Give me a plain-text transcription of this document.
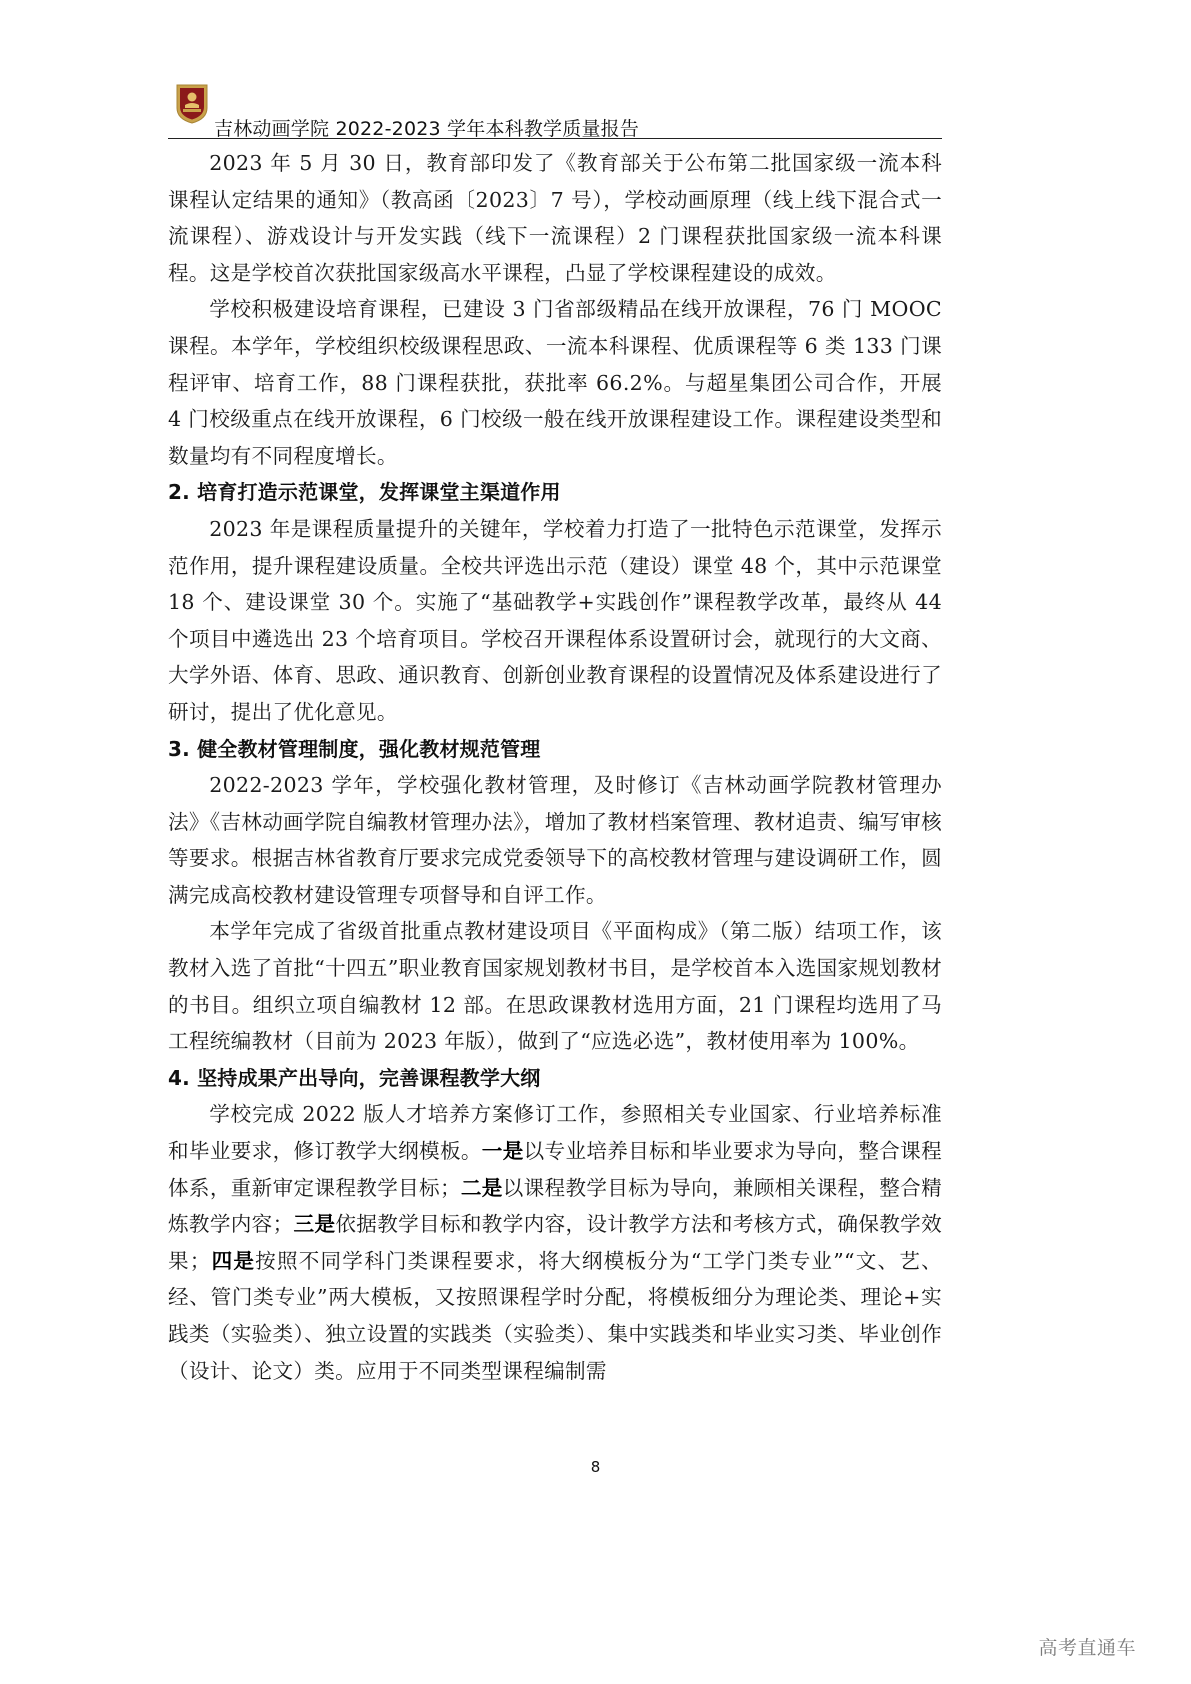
吉林动画学院 2022-2023 学年本科教学质量报告

2023 年 5 月 30 日，教育部印发了《教育部关于公布第二批国家级一流本科课程认定结果的通知》（教高函〔2023〕7 号），学校动画原理（线上线下混合式一流课程）、游戏设计与开发实践（线下一流课程）2 门课程获批国家级一流本科课程。这是学校首次获批国家级高水平课程，凸显了学校课程建设的成效。

学校积极建设培育课程，已建设 3 门省部级精品在线开放课程，76 门 MOOC 课程。本学年，学校组织校级课程思政、一流本科课程、优质课程等 6 类 133 门课程评审、培育工作，88 门课程获批，获批率 66.2%。与超星集团公司合作，开展 4 门校级重点在线开放课程，6 门校级一般在线开放课程建设工作。课程建设类型和数量均有不同程度增长。

2. 培育打造示范课堂，发挥课堂主渠道作用

2023 年是课程质量提升的关键年，学校着力打造了一批特色示范课堂，发挥示范作用，提升课程建设质量。全校共评选出示范（建设）课堂 48 个，其中示范课堂 18 个、建设课堂 30 个。实施了“基础教学+实践创作”课程教学改革，最终从 44 个项目中遴选出 23 个培育项目。学校召开课程体系设置研讨会，就现行的大文商、大学外语、体育、思政、通识教育、创新创业教育课程的设置情况及体系建设进行了研讨，提出了优化意见。

3. 健全教材管理制度，强化教材规范管理

2022-2023 学年，学校强化教材管理，及时修订《吉林动画学院教材管理办法》《吉林动画学院自编教材管理办法》，增加了教材档案管理、教材追责、编写审核等要求。根据吉林省教育厅要求完成党委领导下的高校教材管理与建设调研工作，圆满完成高校教材建设管理专项督导和自评工作。

本学年完成了省级首批重点教材建设项目《平面构成》（第二版）结项工作，该教材入选了首批“十四五”职业教育国家规划教材书目，是学校首本入选国家规划教材的书目。组织立项自编教材 12 部。在思政课教材选用方面，21 门课程均选用了马工程统编教材（目前为 2023 年版），做到了“应选必选”，教材使用率为 100%。

4. 坚持成果产出导向，完善课程教学大纲

学校完成 2022 版人才培养方案修订工作，参照相关专业国家、行业培养标准和毕业要求，修订教学大纲模板。一是以专业培养目标和毕业要求为导向，整合课程体系，重新审定课程教学目标；二是以课程教学目标为导向，兼顾相关课程，整合精炼教学内容；三是依据教学目标和教学内容，设计教学方法和考核方式，确保教学效果；四是按照不同学科门类课程要求，将大纲模板分为“工学门类专业”“文、艺、经、管门类专业”两大模板，又按照课程学时分配，将模板细分为理论类、理论+实践类（实验类）、独立设置的实践类（实验类）、集中实践类和毕业实习类、毕业创作（设计、论文）类。应用于不同类型课程编制需

8
高考直通车
